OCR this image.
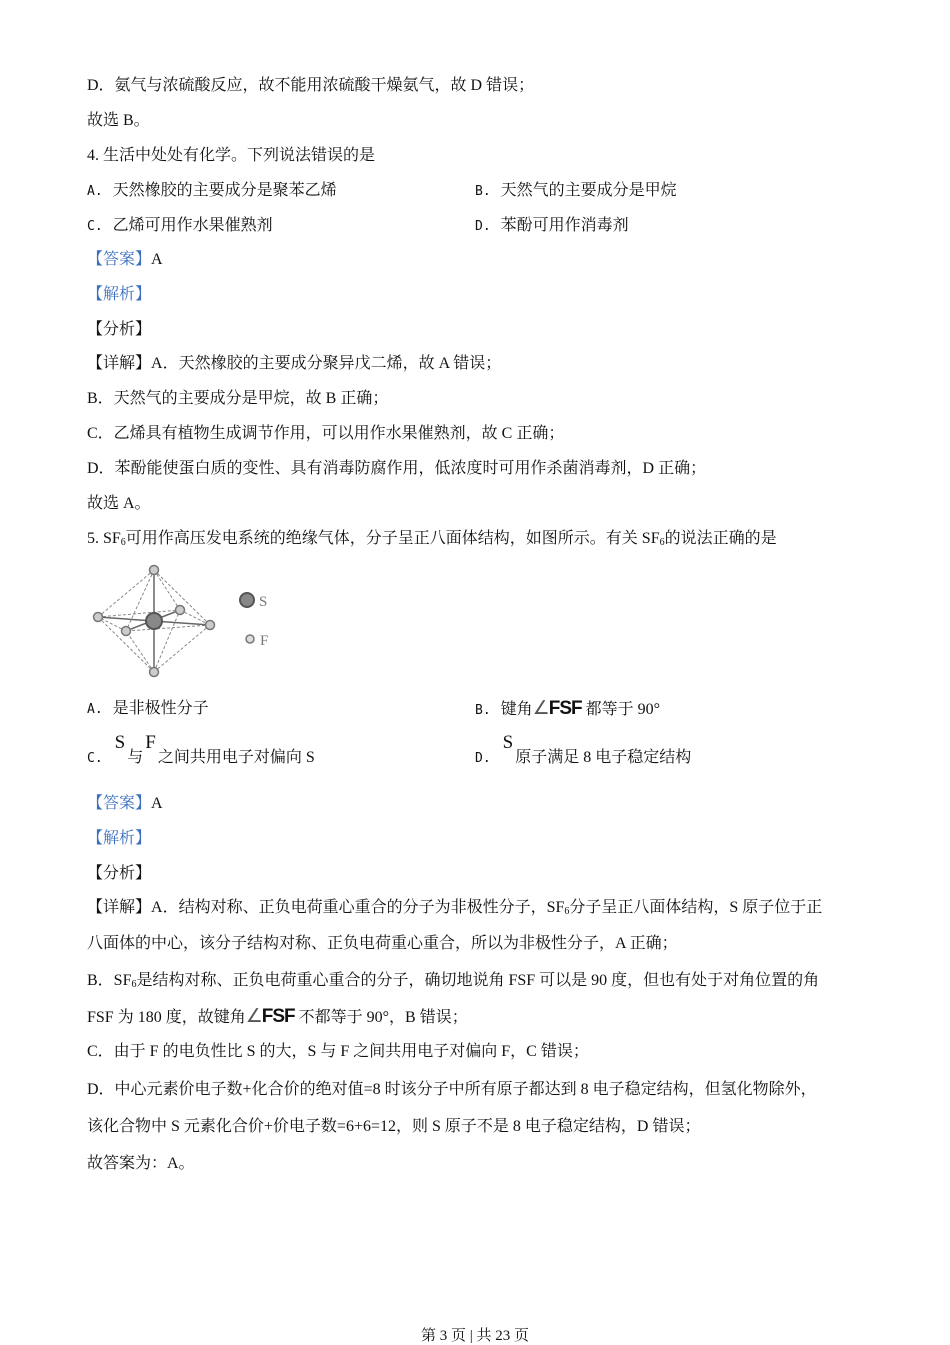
D．氨气与浓硫酸反应，故不能用浓硫酸干燥氨气，故 D 错误；
故选 B。
4. 生活中处处有化学。下列说法错误的是
A. 天然橡胶的主要成分是聚苯乙烯	B. 天然气的主要成分是甲烷
C. 乙烯可用作水果催熟剂	D. 苯酚可用作消毒剂
【答案】A
【解析】
【分析】
【详解】A．天然橡胶的主要成分聚异戊二烯，故 A 错误；
B．天然气的主要成分是甲烷，故 B 正确；
C．乙烯具有植物生成调节作用，可以用作水果催熟剂，故 C 正确；
D．苯酚能使蛋白质的变性、具有消毒防腐作用，低浓度时可用作杀菌消毒剂，D 正确；
故选 A。
5. $SF_6$可用作高压发电系统的绝缘气体，分子呈正八面体结构，如图所示。有关 $SF_6$的说法正确的是
S
F
A. 是非极性分子	B. 键角∠FSF 都等于 90°
C.S与F之间共用电子对偏向 S	D.S原子满足 8 电子稳定结构
【答案】A
【解析】
【分析】
【详解】A．结构对称、正负电荷重心重合的分子为非极性分子，$SF_6$分子呈正八面体结构，S 原子位于正
八面体的中心，该分子结构对称、正负电荷重心重合，所以为非极性分子，A 正确；
B．$SF_6$是结构对称、正负电荷重心重合的分子，确切地说角 FSF 可以是 90 度，但也有处于对角位置的角
FSF 为 180 度，故键角∠FSF 不都等于 90°，B 错误；
C．由于 F 的电负性比 S 的大，S 与 F 之间共用电子对偏向 F，C 错误；
D．中心元素价电子数+化合价的绝对值=8 时该分子中所有原子都达到 8 电子稳定结构，但氢化物除外，
该化合物中 S 元素化合价+价电子数=6+6=12，则 S 原子不是 8 电子稳定结构，D 错误；
故答案为：A。
第 3 页 | 共 23 页
